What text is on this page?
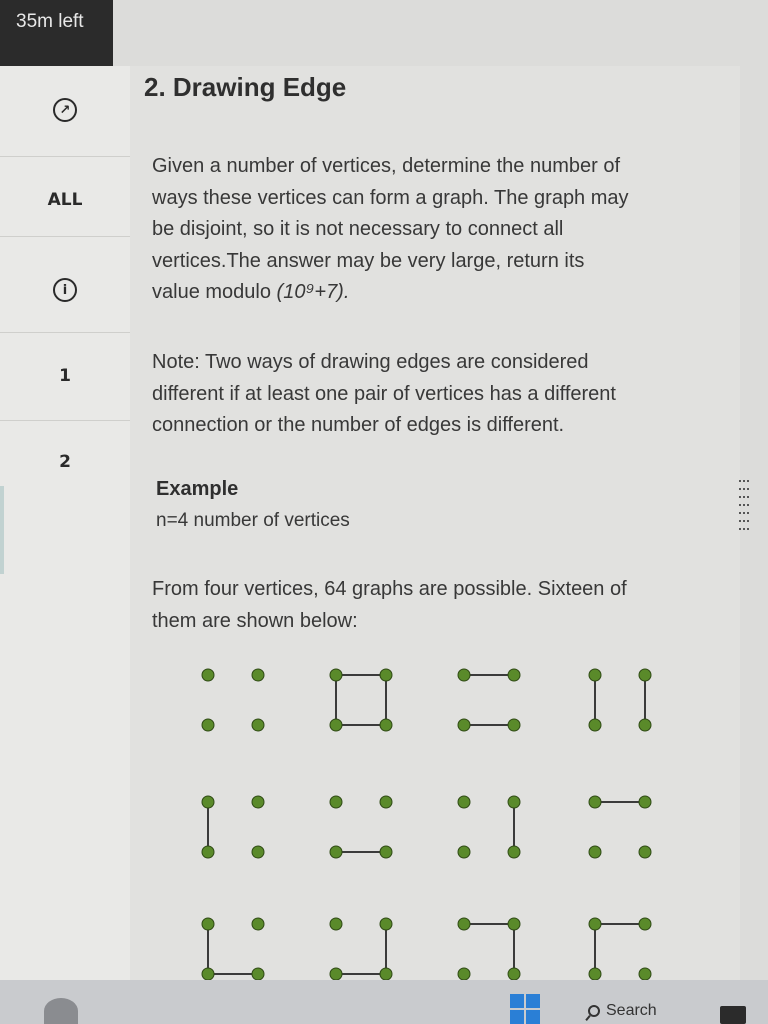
35m left
↗
ALL
i
1
2
2. Drawing Edge
Given a number of vertices, determine the number of
ways these vertices can form a graph. The graph may
be disjoint, so it is not necessary to connect all
vertices.The answer may be very large, return its
value modulo (10⁹+7).
Note: Two ways of drawing edges are considered
different if at least one pair of vertices has a different
connection or the number of edges is different.
Example
n=4 number of vertices
From four vertices, 64 graphs are possible. Sixteen of
them are shown below:
Search
